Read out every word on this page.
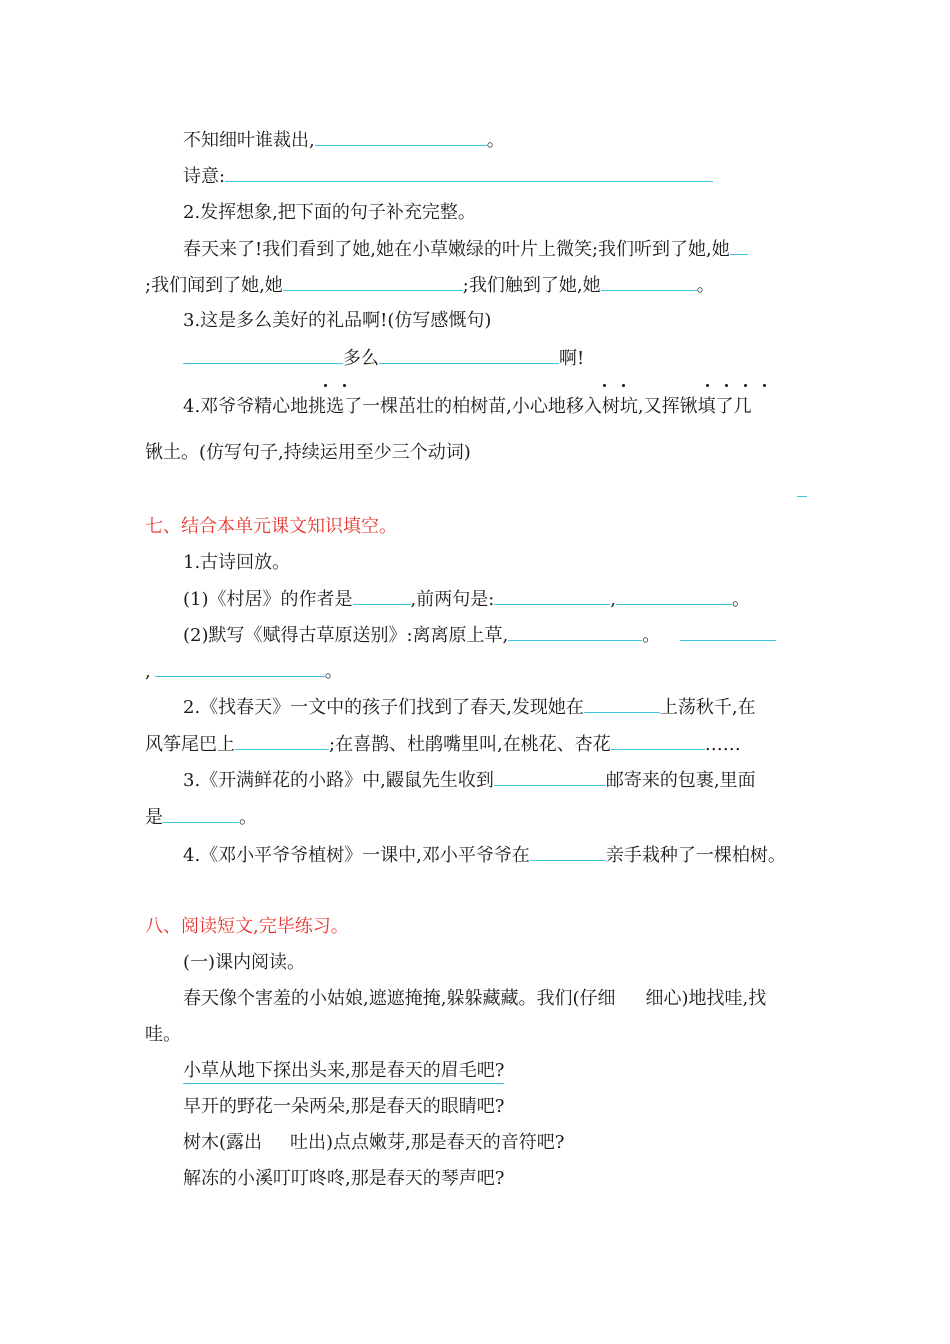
不知细叶谁裁出,	。
诗意:
2.发挥想象,把下面的句子补充完整。
春天来了!我们看到了她,她在小草嫩绿的叶片上微笑;我们听到了她,她
;我们闻到了她,她	;我们触到了她,她	。
3.这是多么美好的礼品啊!(仿写感慨句)
多么	啊!
4.邓爷爷精心地挑选了一棵茁壮的柏树苗,小心地移入树坑,又挥锹填了几
锹土。(仿写句子,持续运用至少三个动词)
七、结合本单元课文知识填空。
1.古诗回放。
(1)《村居》的作者是	,前两句是:	,	。
(2)默写《赋得古草原送别》:离离原上草,	。
,	。
2.《找春天》一文中的孩子们找到了春天,发现她在	上荡秋千,在
风筝尾巴上	;在喜鹊、杜鹃嘴里叫,在桃花、杏花	……
3.《开满鲜花的小路》中,鼹鼠先生收到	邮寄来的包裹,里面
是	。
4.《邓小平爷爷植树》一课中,邓小平爷爷在	亲手栽种了一棵柏树。
八、阅读短文,完毕练习。
(一)课内阅读。
春天像个害羞的小姑娘,遮遮掩掩,躲躲藏藏。我们(仔细 细心)地找哇,找
哇。
小草从地下探出头来,那是春天的眉毛吧?
早开的野花一朵两朵,那是春天的眼睛吧?
树木(露出 吐出)点点嫩芽,那是春天的音符吧?
解冻的小溪叮叮咚咚,那是春天的琴声吧?
